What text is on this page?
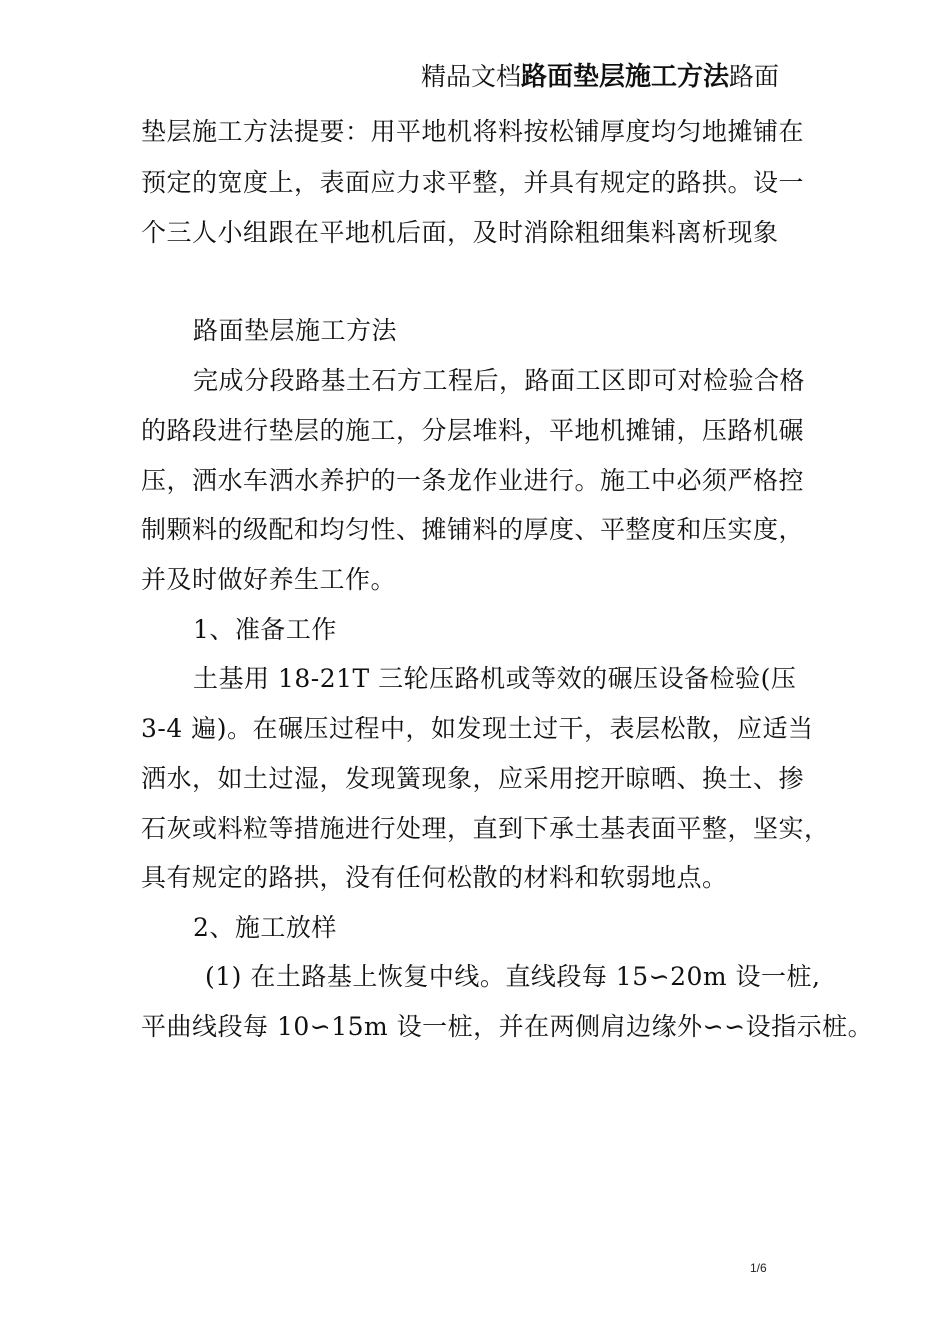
精品文档路面垫层施工方法路面
垫层施工方法提要：用平地机将料按松铺厚度均匀地摊铺在
预定的宽度上，表面应力求平整，并具有规定的路拱。设一
个三人小组跟在平地机后面，及时消除粗细集料离析现象
路面垫层施工方法
完成分段路基土石方工程后，路面工区即可对检验合格
的路段进行垫层的施工，分层堆料，平地机摊铺，压路机碾
压，洒水车洒水养护的一条龙作业进行。施工中必须严格控
制颗料的级配和均匀性、摊铺料的厚度、平整度和压实度，
并及时做好养生工作。
1、准备工作
土基用 18-21T 三轮压路机或等效的碾压设备检验(压
3-4 遍)。在碾压过程中，如发现土过干，表层松散，应适当
洒水，如土过湿，发现簧现象，应采用挖开晾晒、换土、掺
石灰或料粒等措施进行处理，直到下承土基表面平整，坚实，
具有规定的路拱，没有任何松散的材料和软弱地点。
2、施工放样
(1) 在土路基上恢复中线。直线段每 15∽20m 设一桩,
平曲线段每 10∽15m 设一桩，并在两侧肩边缘外∽∽设指示桩。
1/6
